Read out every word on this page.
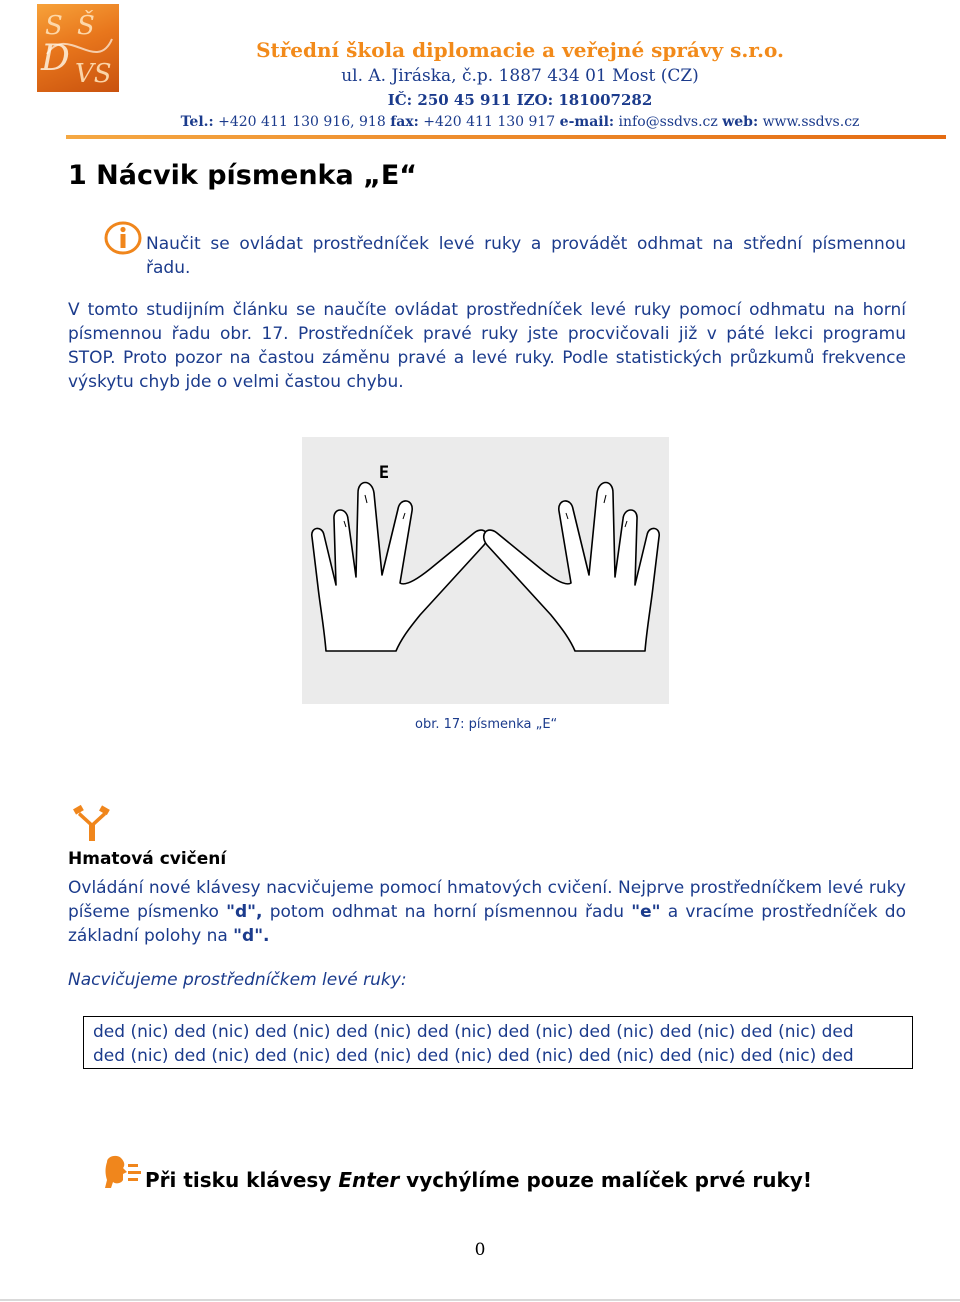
S Š
D VS
Střední škola diplomacie a veřejné správy s.r.o.
ul. A. Jiráska, č.p. 1887 434 01 Most (CZ)
IČ: 250 45 911 IZO: 181007282
Tel.: +420 411 130 916, 918 fax: +420 411 130 917 e-mail: info@ssdvs.cz web: www.ssdvs.cz
1 Nácvik písmenka „E“

Naučit se ovládat prostředníček levé ruky a provádět odhmat na střední písmennou řadu.

V tomto studijním článku se naučíte ovládat prostředníček levé ruky pomocí odhmatu na horní písmennou řadu obr. 17. Prostředníček pravé ruky jste procvičovali již v páté lekci programu STOP. Proto pozor na častou záměnu pravé a levé ruky. Podle statistických průzkumů frekvence výskytu chyb jde o velmi častou chybu.

E
obr. 17: písmenka „E“
Hmatová cvičení

Ovládání nové klávesy nacvičujeme pomocí hmatových cvičení. Nejprve prostředníčkem levé ruky píšeme písmenko "d", potom odhmat na horní písmennou řadu "e" a vracíme prostředníček do základní polohy na "d".

Nacvičujeme prostředníčkem levé ruky:

ded (nic) ded (nic) ded (nic) ded (nic) ded (nic) ded (nic) ded (nic) ded (nic) ded (nic) ded
ded (nic) ded (nic) ded (nic) ded (nic) ded (nic) ded (nic) ded (nic) ded (nic) ded (nic) ded

Při tisku klávesy Enter vychýlíme pouze malíček prvé ruky!

0
